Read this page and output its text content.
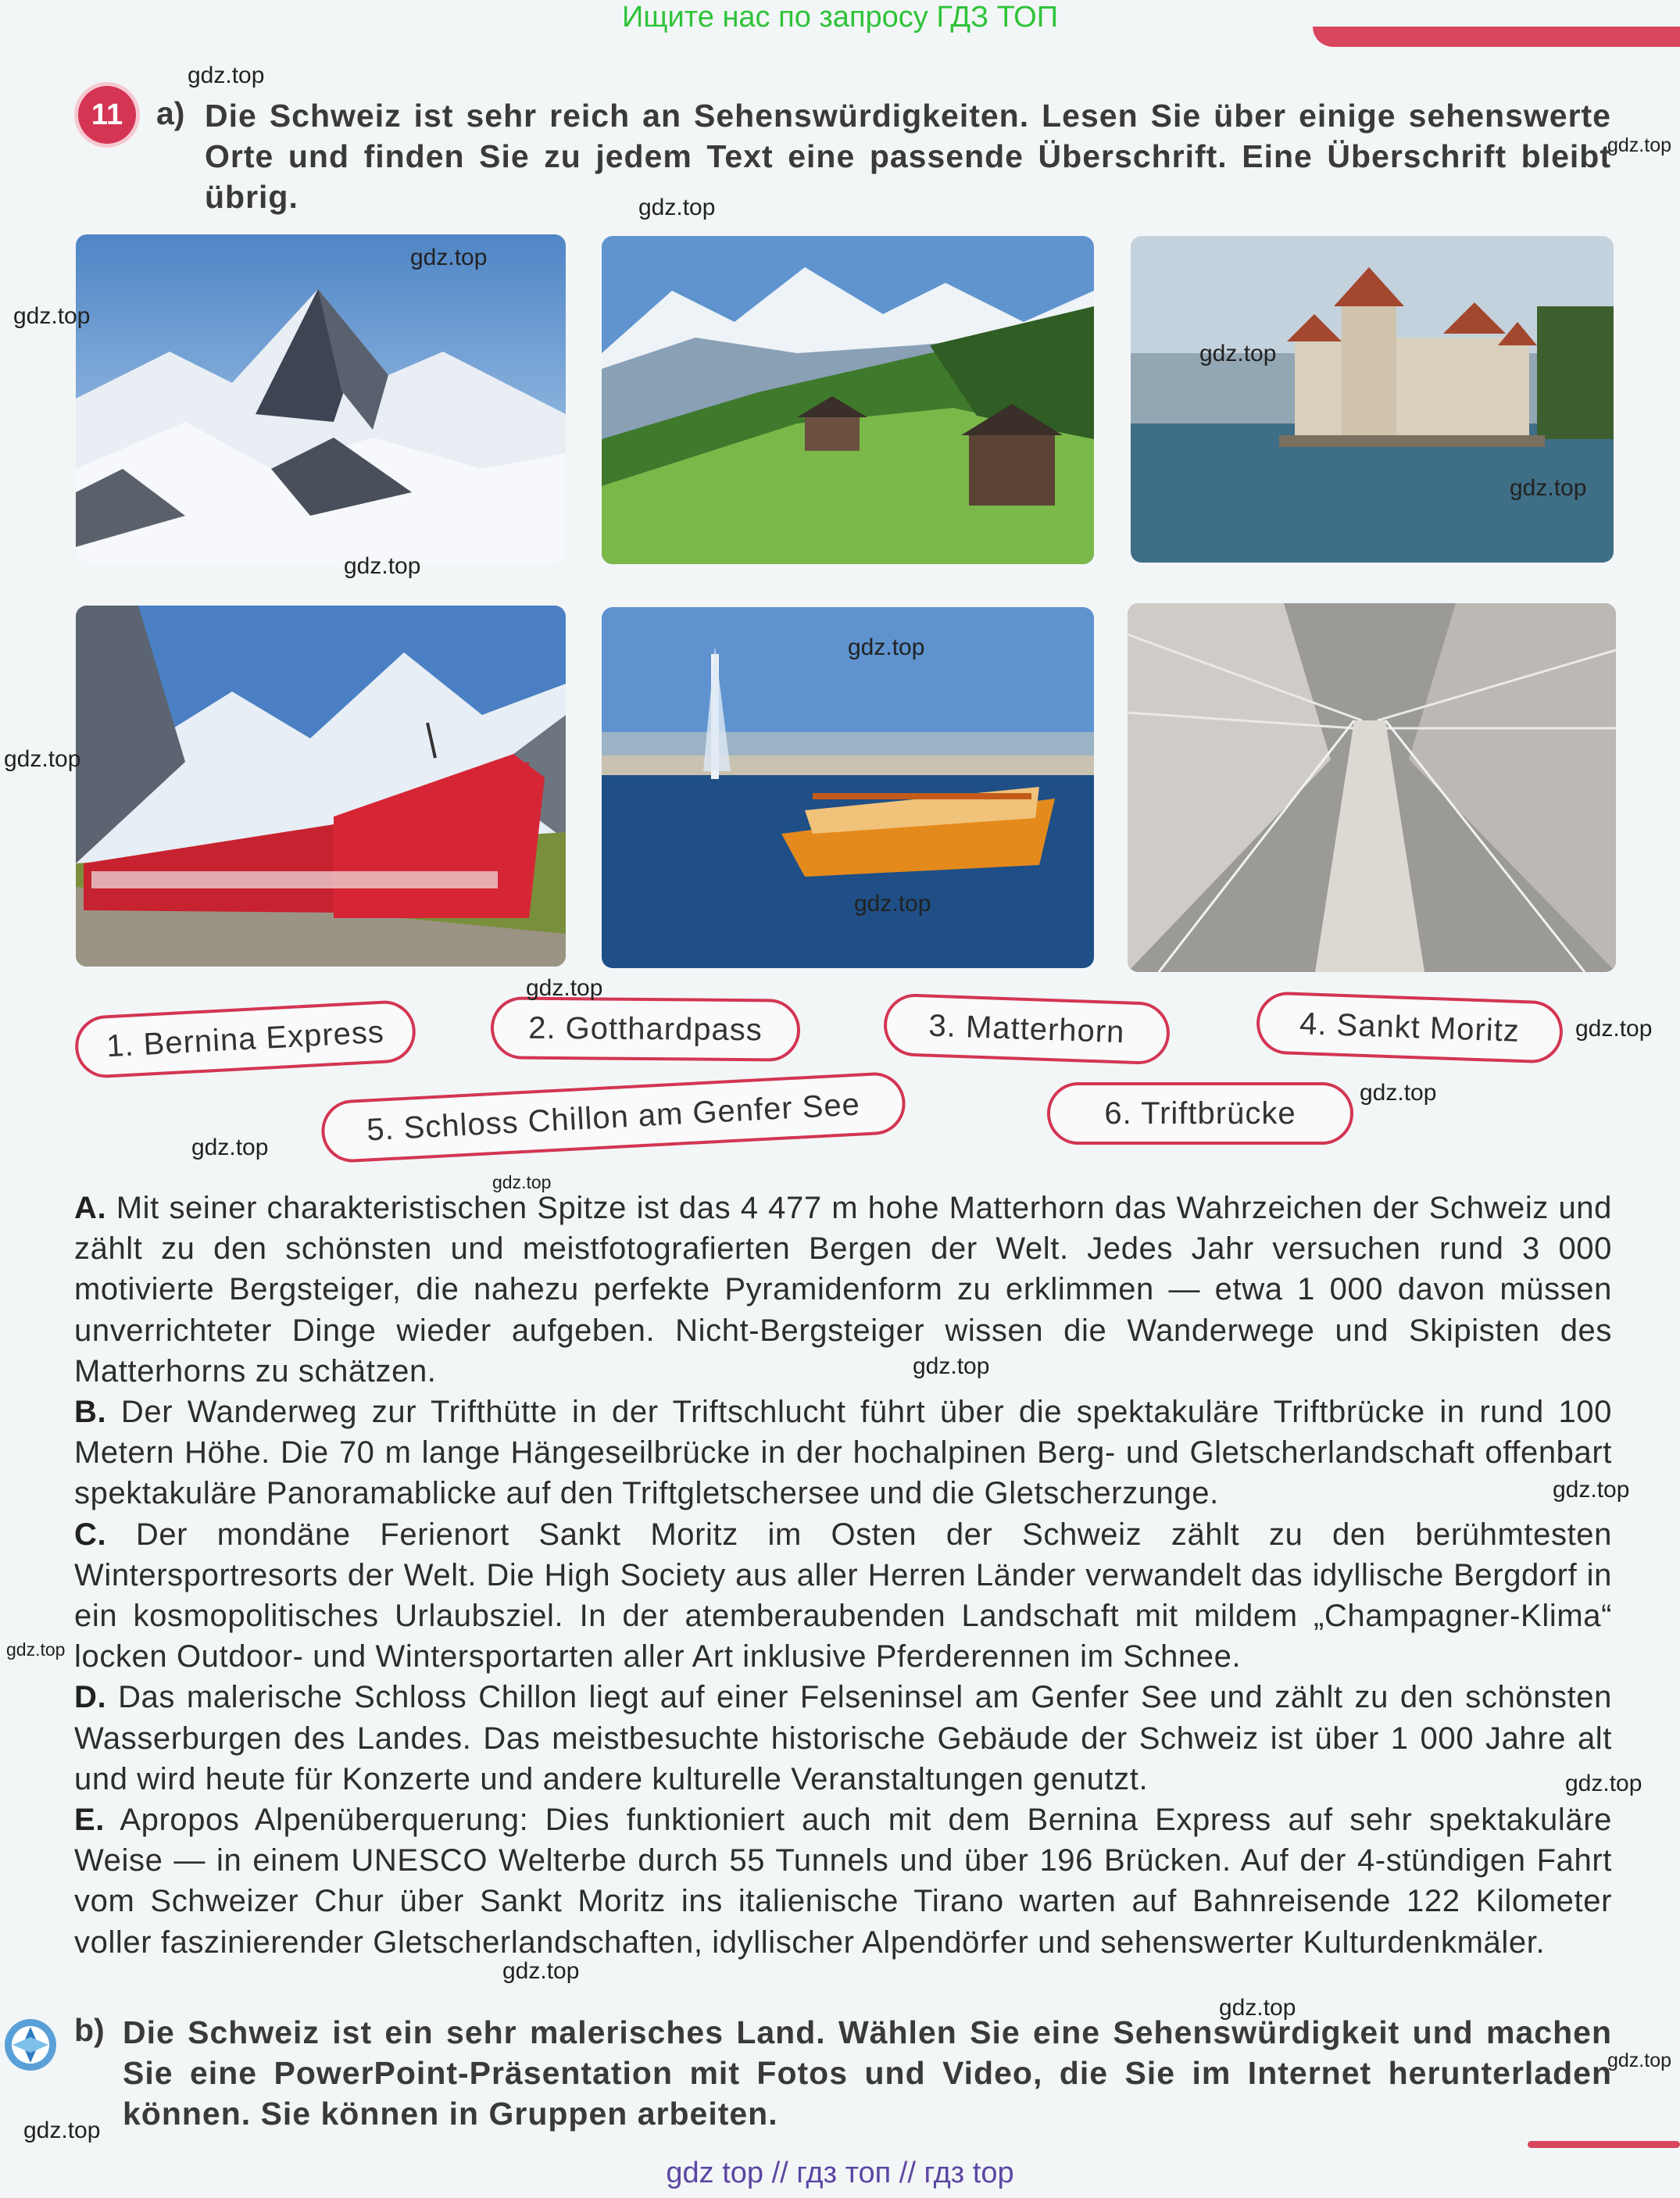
Ищите нас по запросу ГДЗ ТОП
11	a) Die Schweiz ist sehr reich an Sehenswürdigkeiten. Lesen Sie über einige sehenswerte Orte und finden Sie zu jedem Text eine passende Überschrift. Eine Überschrift bleibt übrig.
1. Bernina Express	2. Gotthardpass	3. Matterhorn	4. Sankt Moritz
5. Schloss Chillon am Genfer See	6. Triftbrücke

A. Mit seiner charakteristischen Spitze ist das 4 477 m hohe Matterhorn das Wahrzeichen der Schweiz und zählt zu den schönsten und meistfotografierten Bergen der Welt. Jedes Jahr versuchen rund 3 000 motivierte Bergsteiger, die nahezu perfekte Pyramidenform zu erklimmen — etwa 1 000 davon müssen unverrichteter Dinge wieder aufgeben. Nicht-Bergsteiger wissen die Wanderwege und Skipisten des Matterhorns zu schätzen.

B. Der Wanderweg zur Trifthütte in der Triftschlucht führt über die spektakuläre Triftbrücke in rund 100 Metern Höhe. Die 70 m lange Hängeseilbrücke in der hochalpinen Berg- und Gletscherlandschaft offenbart spektakuläre Panoramablicke auf den Triftgletschersee und die Gletscherzunge.

C. Der mondäne Ferienort Sankt Moritz im Osten der Schweiz zählt zu den berühmtesten Wintersportresorts der Welt. Die High Society aus aller Herren Länder verwandelt das idyllische Bergdorf in ein kosmopolitisches Urlaubsziel. In der atemberaubenden Landschaft mit mildem „Champagner-Klima“ locken Outdoor- und Wintersportarten aller Art inklusive Pferderennen im Schnee.

D. Das malerische Schloss Chillon liegt auf einer Felseninsel am Genfer See und zählt zu den schönsten Wasserburgen des Landes. Das meistbesuchte historische Gebäude der Schweiz ist über 1 000 Jahre alt und wird heute für Konzerte und andere kulturelle Veranstaltungen genutzt.

E. Apropos Alpenüberquerung: Dies funktioniert auch mit dem Bernina Express auf sehr spektakuläre Weise — in einem UNESCO Welterbe durch 55 Tunnels und über 196 Brücken. Auf der 4-stündigen Fahrt vom Schweizer Chur über Sankt Moritz ins italienische Tirano warten auf Bahnreisende 122 Kilometer voller faszinierender Gletscherlandschaften, idyllischer Alpendörfer und sehenswerter Kulturdenkmäler.

b) Die Schweiz ist ein sehr malerisches Land. Wählen Sie eine Sehenswürdigkeit und machen Sie eine PowerPoint-Präsentation mit Fotos und Video, die Sie im Internet herunterladen können. Sie können in Gruppen arbeiten.
gdz top // гдз топ // гдз top
gdz.top
gdz.top
gdz.top
gdz.top
gdz.top
gdz.top
gdz.top
gdz.top
gdz.top
gdz.top
gdz.top
gdz.top
gdz.top
gdz.top
gdz.top
gdz.top
gdz.top
gdz.top
gdz.top
gdz.top
gdz.top
gdz.top
gdz.top
gdz.top
